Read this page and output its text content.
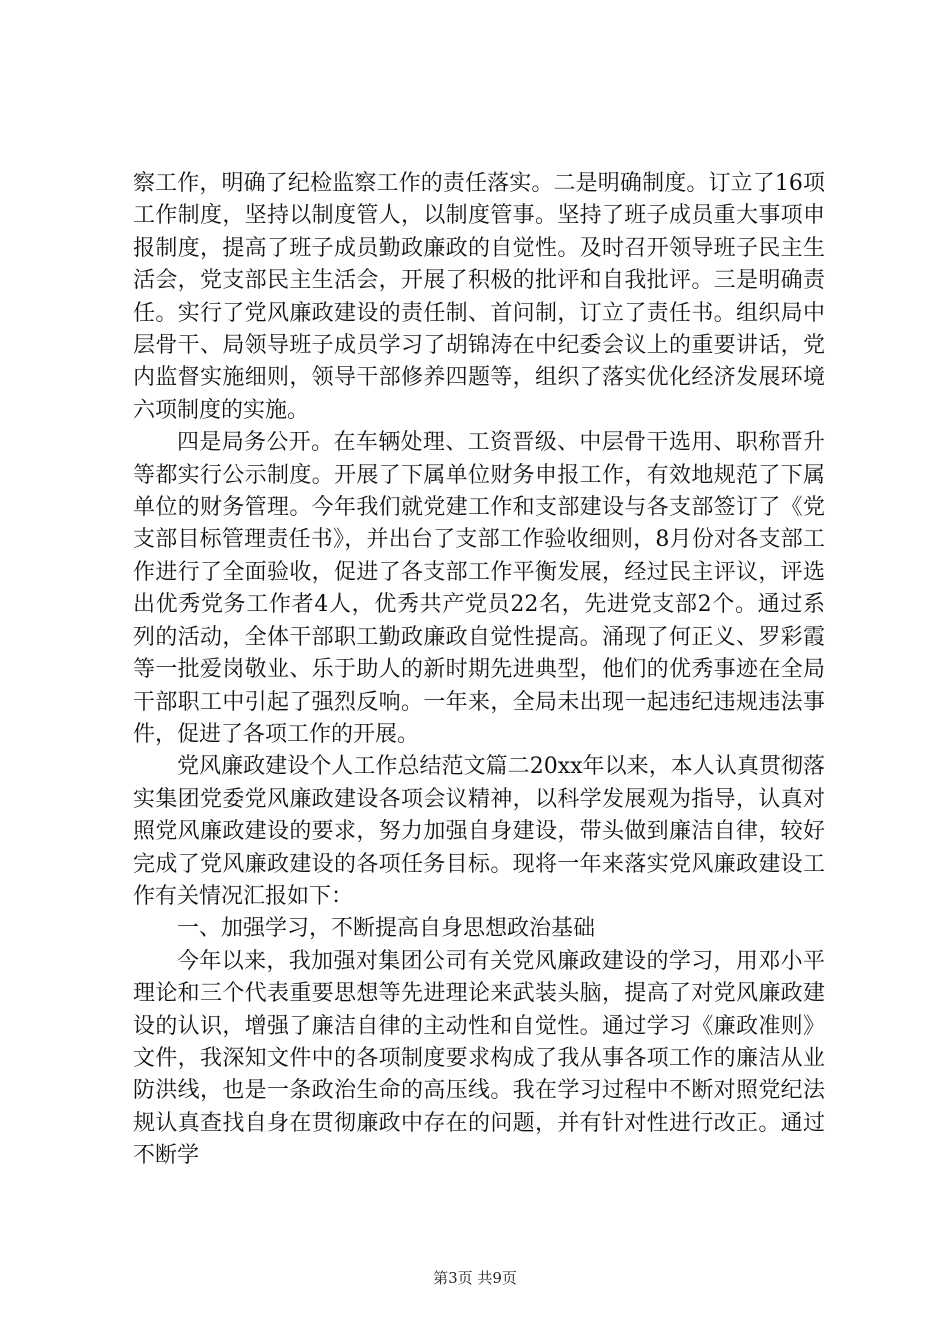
察工作，明确了纪检监察工作的责任落实。二是明确制度。订立了16项工作制度，坚持以制度管人，以制度管事。坚持了班子成员重大事项申报制度，提高了班子成员勤政廉政的自觉性。及时召开领导班子民主生活会，党支部民主生活会，开展了积极的批评和自我批评。三是明确责任。实行了党风廉政建设的责任制、首问制，订立了责任书。组织局中层骨干、局领导班子成员学习了胡锦涛在中纪委会议上的重要讲话，党内监督实施细则，领导干部修养四题等，组织了落实优化经济发展环境六项制度的实施。

四是局务公开。在车辆处理、工资晋级、中层骨干选用、职称晋升等都实行公示制度。开展了下属单位财务申报工作，有效地规范了下属单位的财务管理。今年我们就党建工作和支部建设与各支部签订了《党支部目标管理责任书》，并出台了支部工作验收细则，8月份对各支部工作进行了全面验收，促进了各支部工作平衡发展，经过民主评议，评选出优秀党务工作者4人，优秀共产党员22名，先进党支部2个。通过系列的活动，全体干部职工勤政廉政自觉性提高。涌现了何正义、罗彩霞等一批爱岗敬业、乐于助人的新时期先进典型，他们的优秀事迹在全局干部职工中引起了强烈反响。一年来，全局未出现一起违纪违规违法事件，促进了各项工作的开展。

党风廉政建设个人工作总结范文篇二20xx年以来，本人认真贯彻落实集团党委党风廉政建设各项会议精神，以科学发展观为指导，认真对照党风廉政建设的要求，努力加强自身建设，带头做到廉洁自律，较好完成了党风廉政建设的各项任务目标。现将一年来落实党风廉政建设工作有关情况汇报如下：

一、加强学习，不断提高自身思想政治基础

今年以来，我加强对集团公司有关党风廉政建设的学习，用邓小平理论和三个代表重要思想等先进理论来武装头脑，提高了对党风廉政建设的认识，增强了廉洁自律的主动性和自觉性。通过学习《廉政准则》文件，我深知文件中的各项制度要求构成了我从事各项工作的廉洁从业防洪线，也是一条政治生命的高压线。我在学习过程中不断对照党纪法规认真查找自身在贯彻廉政中存在的问题，并有针对性进行改正。通过不断学

第3页 共9页
